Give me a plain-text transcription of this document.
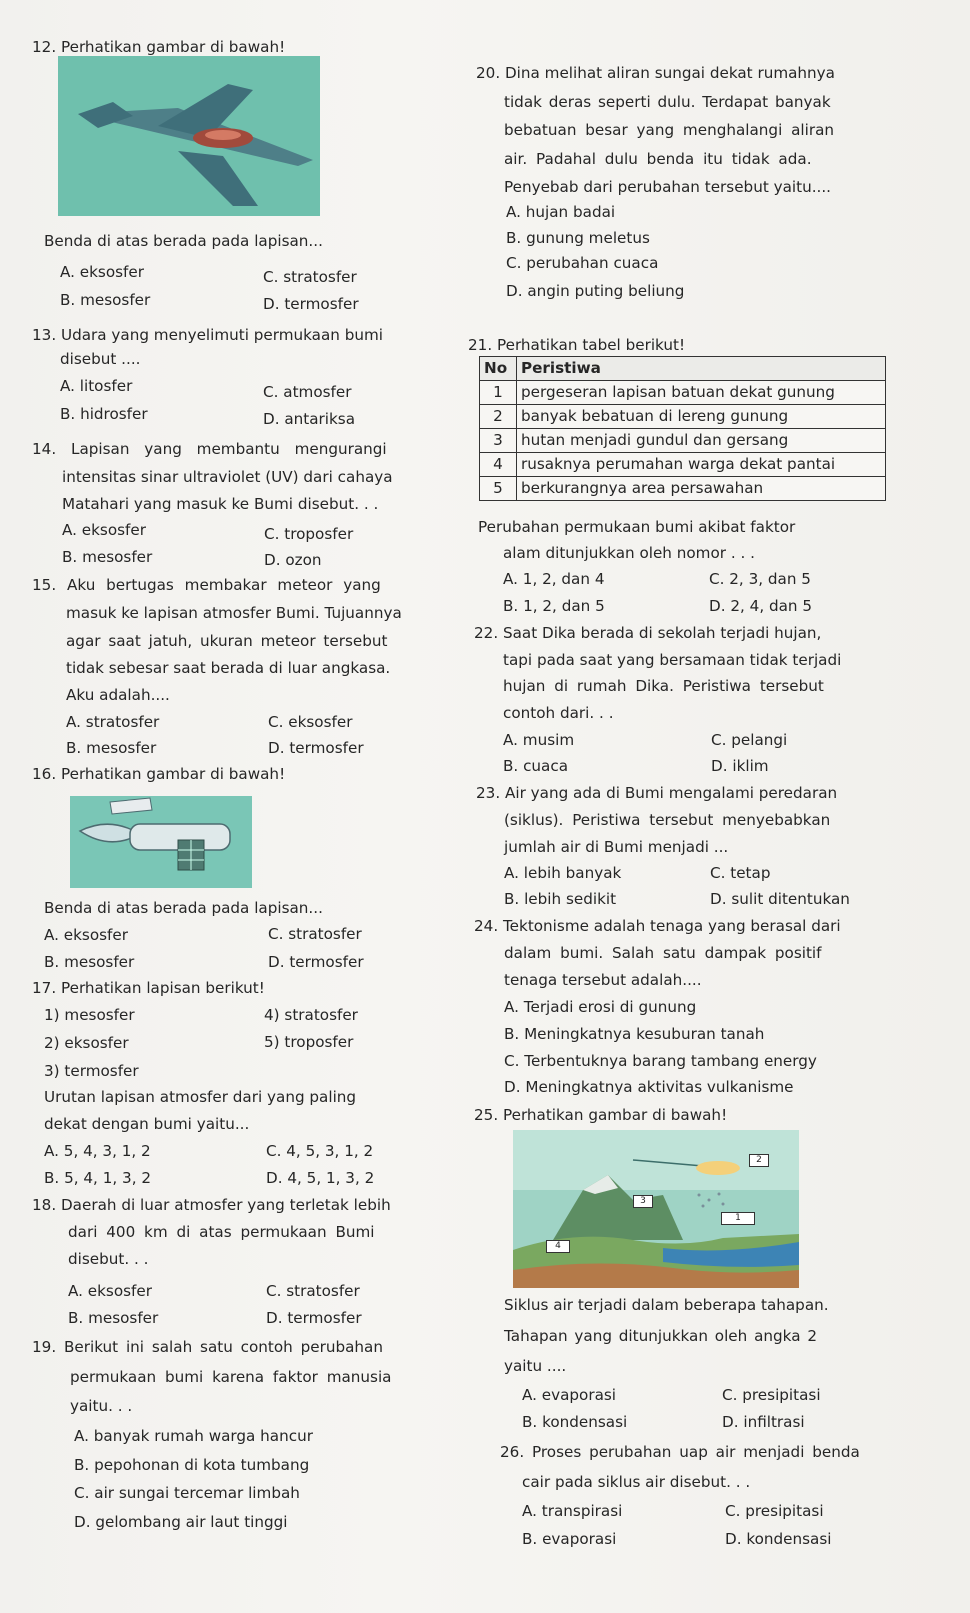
12. Perhatikan gambar di bawah!
Benda di atas berada pada lapisan...
A. eksosfer	C. stratosfer
B. mesosfer	D. termosfer
13. Udara yang menyelimuti permukaan bumi
disebut ....
A. litosfer	C. atmosfer
B. hidrosfer	D. antariksa
14. Lapisan yang membantu mengurangi
intensitas sinar ultraviolet (UV) dari cahaya
Matahari yang masuk ke Bumi disebut. . .
A. eksosfer	C. troposfer
B. mesosfer	D. ozon
15. Aku bertugas membakar meteor yang
masuk ke lapisan atmosfer Bumi. Tujuannya
agar saat jatuh, ukuran meteor tersebut
tidak sebesar saat berada di luar angkasa.
Aku adalah....
A. stratosfer	C. eksosfer
B. mesosfer	D. termosfer
16. Perhatikan gambar di bawah!
Benda di atas berada pada lapisan...
A. eksosfer	C. stratosfer
B. mesosfer	D. termosfer
17. Perhatikan lapisan berikut!
1) mesosfer	4) stratosfer
2) eksosfer	5) troposfer
3) termosfer
Urutan lapisan atmosfer dari yang paling
dekat dengan bumi yaitu...
A. 5, 4, 3, 1, 2	C. 4, 5, 3, 1, 2
B. 5, 4, 1, 3, 2	D. 4, 5, 1, 3, 2
18. Daerah di luar atmosfer yang terletak lebih
dari 400 km di atas permukaan Bumi
disebut. . .
A. eksosfer	C. stratosfer
B. mesosfer	D. termosfer
19. Berikut ini salah satu contoh perubahan
permukaan bumi karena faktor manusia
yaitu. . .
A. banyak rumah warga hancur
B. pepohonan di kota tumbang
C. air sungai tercemar limbah
D. gelombang air laut tinggi
20. Dina melihat aliran sungai dekat rumahnya
tidak deras seperti dulu. Terdapat banyak
bebatuan besar yang menghalangi aliran
air. Padahal dulu benda itu tidak ada.
Penyebab dari perubahan tersebut yaitu....
A. hujan badai
B. gunung meletus
C. perubahan cuaca
D. angin puting beliung
21. Perhatikan tabel berikut!
No	Peristiwa
1	pergeseran lapisan batuan dekat gunung
2	banyak bebatuan di lereng gunung
3	hutan menjadi gundul dan gersang
4	rusaknya perumahan warga dekat pantai
5	berkurangnya area persawahan
Perubahan permukaan bumi akibat faktor
alam ditunjukkan oleh nomor . . .
A. 1, 2, dan 4	C. 2, 3, dan 5
B. 1, 2, dan 5	D. 2, 4, dan 5
22. Saat Dika berada di sekolah terjadi hujan,
tapi pada saat yang bersamaan tidak terjadi
hujan di rumah Dika. Peristiwa tersebut
contoh dari. . .
A. musim	C. pelangi
B. cuaca	D. iklim
23. Air yang ada di Bumi mengalami peredaran
(siklus). Peristiwa tersebut menyebabkan
jumlah air di Bumi menjadi ...
A. lebih banyak	C. tetap
B. lebih sedikit	D. sulit ditentukan
24. Tektonisme adalah tenaga yang berasal dari
dalam bumi. Salah satu dampak positif
tenaga tersebut adalah....
A. Terjadi erosi di gunung
B. Meningkatnya kesuburan tanah
C. Terbentuknya barang tambang energy
D. Meningkatnya aktivitas vulkanisme
25. Perhatikan gambar di bawah!
2
3
1
4
Siklus air terjadi dalam beberapa tahapan.
Tahapan yang ditunjukkan oleh angka 2
yaitu ....
A. evaporasi	C. presipitasi
B. kondensasi	D. infiltrasi
26. Proses perubahan uap air menjadi benda
cair pada siklus air disebut. . .
A. transpirasi	C. presipitasi
B. evaporasi	D. kondensasi
